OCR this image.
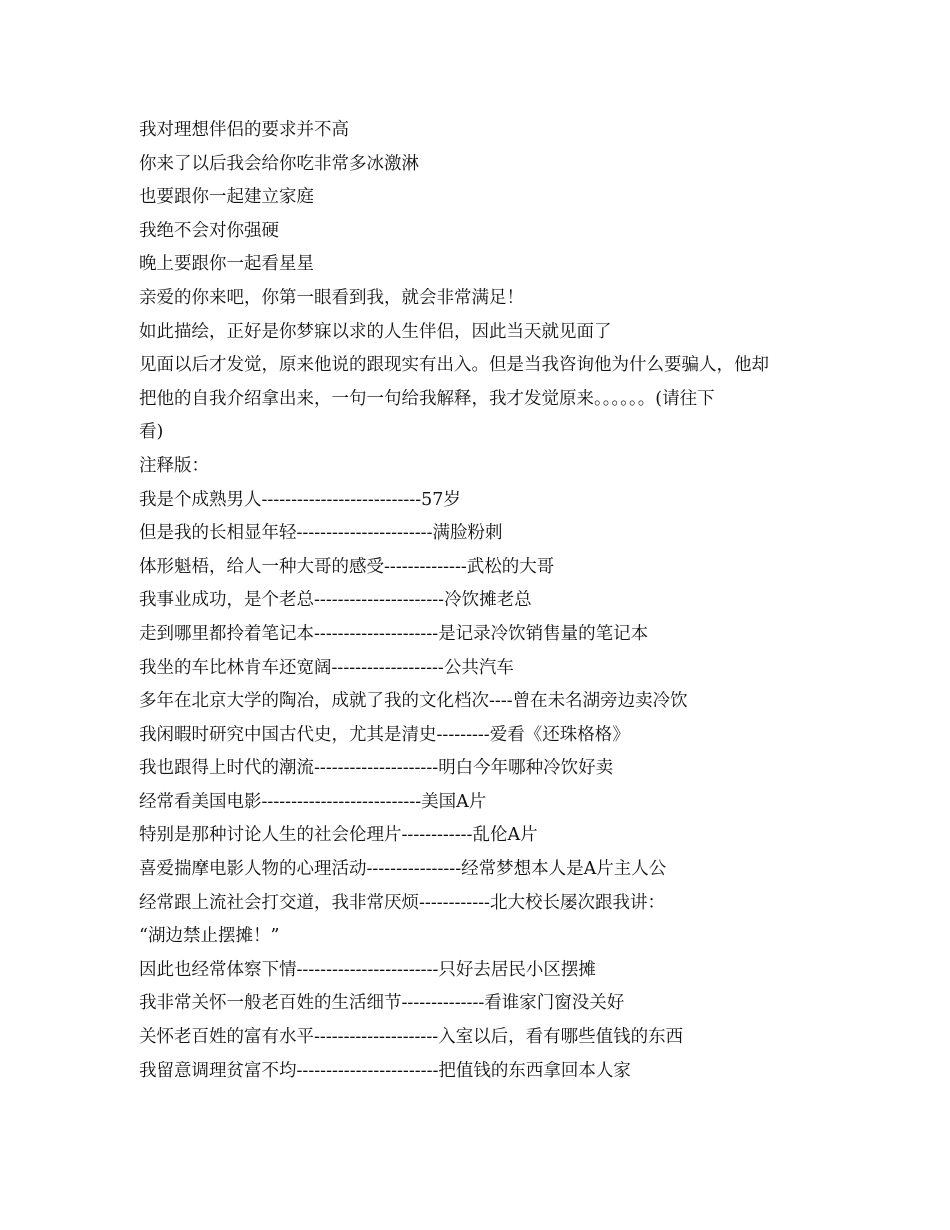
我对理想伴侣的要求并不高
你来了以后我会给你吃非常多冰激淋
也要跟你一起建立家庭
我绝不会对你强硬
晚上要跟你一起看星星
亲爱的你来吧，你第一眼看到我，就会非常满足！
如此描绘，正好是你梦寐以求的人生伴侣，因此当天就见面了
见面以后才发觉，原来他说的跟现实有出入。但是当我咨询他为什么要骗人，他却
把他的自我介绍拿出来，一句一句给我解释，我才发觉原来。。。。。。(请往下
看)
注释版：
我是个成熟男人---------------------------57岁
但是我的长相显年轻-----------------------满脸粉刺
体形魁梧，给人一种大哥的感受--------------武松的大哥
我事业成功，是个老总----------------------冷饮摊老总
走到哪里都拎着笔记本---------------------是记录冷饮销售量的笔记本
我坐的车比林肯车还宽阔-------------------公共汽车
多年在北京大学的陶冶，成就了我的文化档次----曾在未名湖旁边卖冷饮
我闲暇时研究中国古代史，尤其是清史---------爱看《还珠格格》
我也跟得上时代的潮流---------------------明白今年哪种冷饮好卖
经常看美国电影---------------------------美国A片
特别是那种讨论人生的社会伦理片------------乱伦A片
喜爱揣摩电影人物的心理活动----------------经常梦想本人是A片主人公
经常跟上流社会打交道，我非常厌烦------------北大校长屡次跟我讲：
“湖边禁止摆摊！”
因此也经常体察下情------------------------只好去居民小区摆摊
我非常关怀一般老百姓的生活细节--------------看谁家门窗没关好
关怀老百姓的富有水平---------------------入室以后，看有哪些值钱的东西
我留意调理贫富不均------------------------把值钱的东西拿回本人家
